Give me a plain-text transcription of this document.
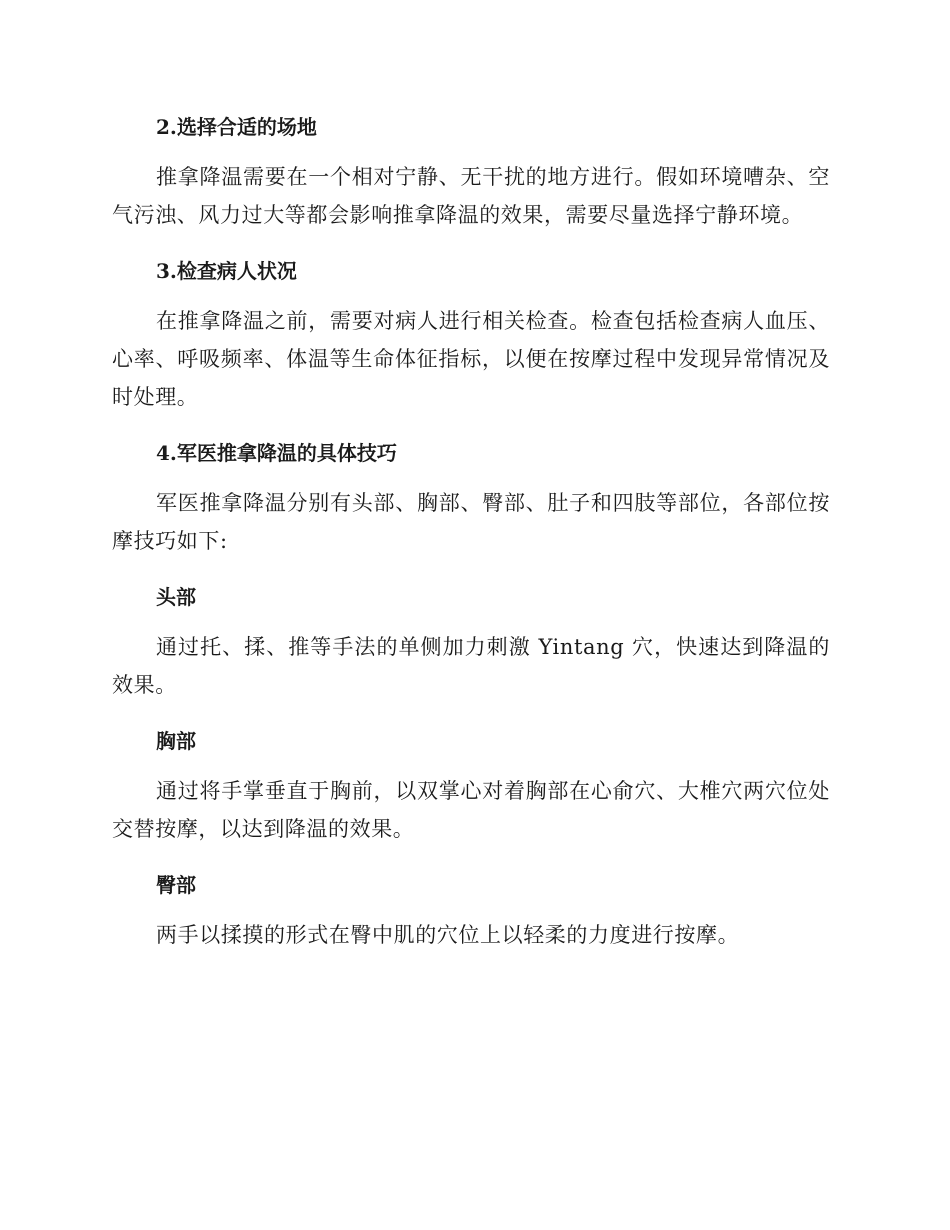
2.选择合适的场地

推拿降温需要在一个相对宁静、无干扰的地方进行。假如环境嘈杂、空气污浊、风力过大等都会影响推拿降温的效果，需要尽量选择宁静环境。

3.检查病人状况

在推拿降温之前，需要对病人进行相关检查。检查包括检查病人血压、心率、呼吸频率、体温等生命体征指标，以便在按摩过程中发现异常情况及时处理。

4.军医推拿降温的具体技巧

军医推拿降温分别有头部、胸部、臀部、肚子和四肢等部位，各部位按摩技巧如下:

头部

通过托、揉、推等手法的单侧加力刺激 Yintang 穴，快速达到降温的效果。

胸部

通过将手掌垂直于胸前，以双掌心对着胸部在心俞穴、大椎穴两穴位处交替按摩，以达到降温的效果。

臀部

两手以揉摸的形式在臀中肌的穴位上以轻柔的力度进行按摩。
